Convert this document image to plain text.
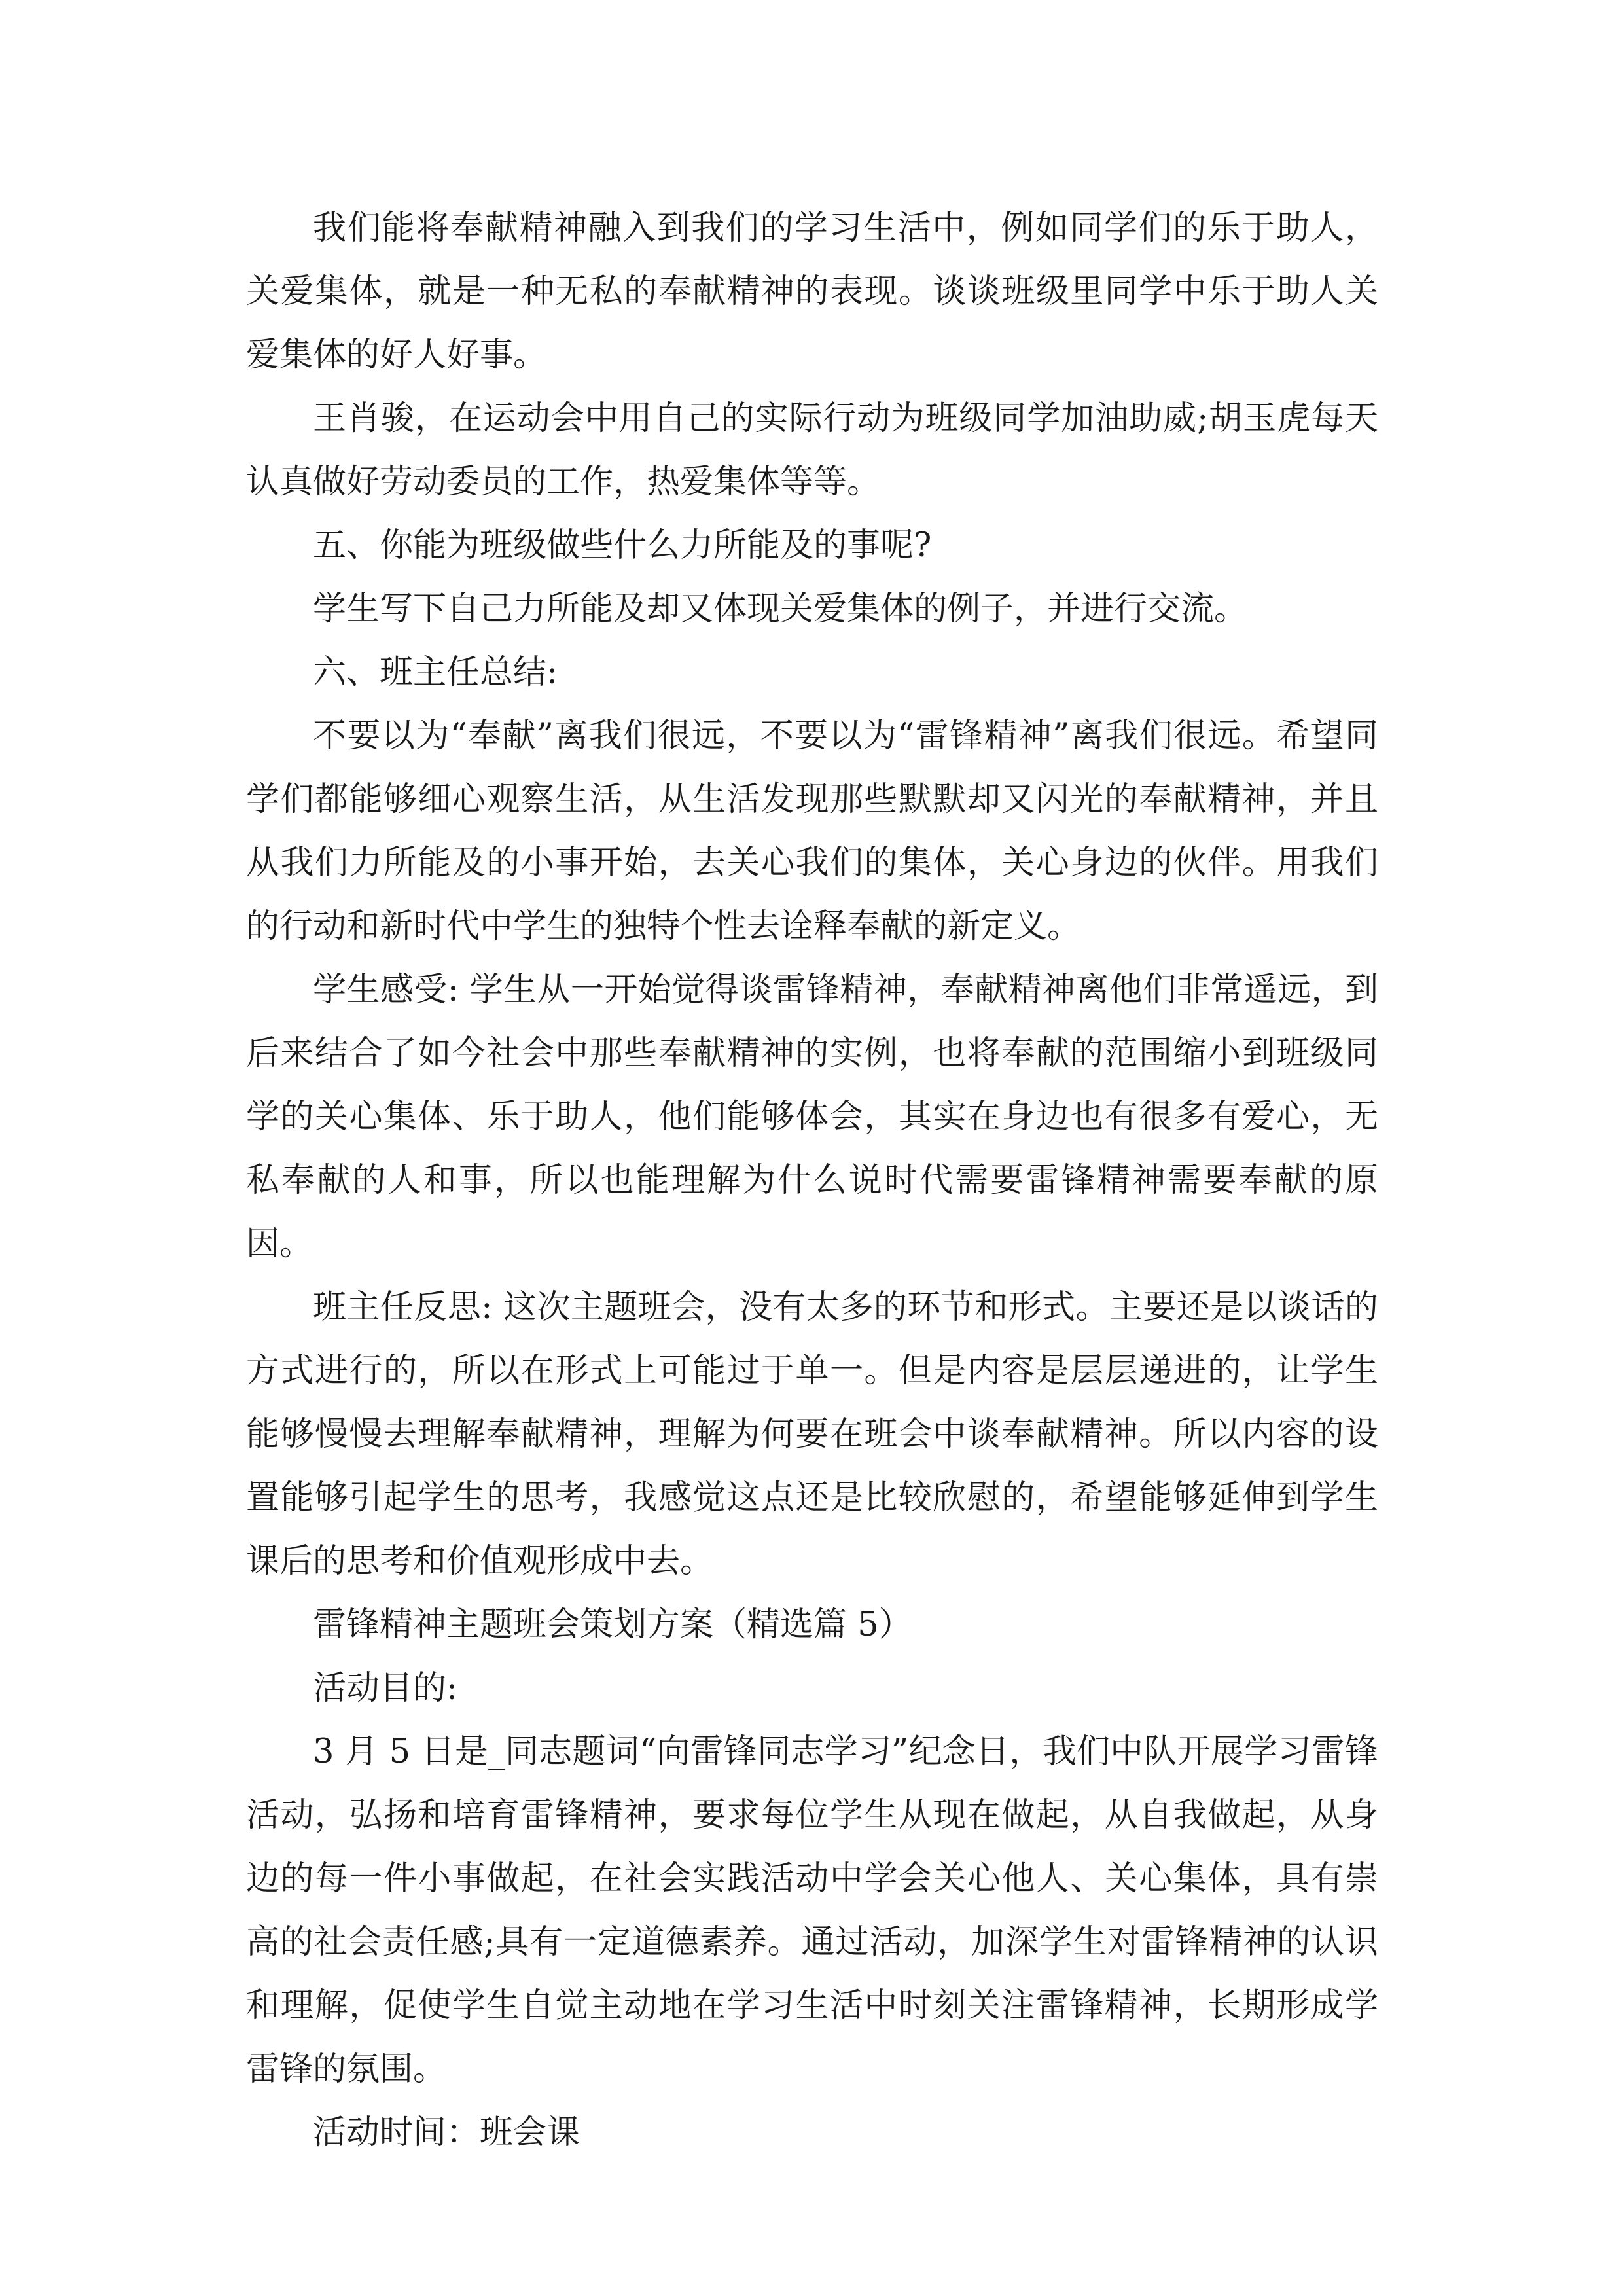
我们能将奉献精神融入到我们的学习生活中，例如同学们的乐于助人，关爱集体，就是一种无私的奉献精神的表现。谈谈班级里同学中乐于助人关爱集体的好人好事。

王肖骏，在运动会中用自己的实际行动为班级同学加油助威;胡玉虎每天认真做好劳动委员的工作，热爱集体等等。

五、你能为班级做些什么力所能及的事呢?

学生写下自己力所能及却又体现关爱集体的例子，并进行交流。

六、班主任总结:

不要以为“奉献”离我们很远，不要以为“雷锋精神”离我们很远。希望同学们都能够细心观察生活，从生活发现那些默默却又闪光的奉献精神，并且从我们力所能及的小事开始，去关心我们的集体，关心身边的伙伴。用我们的行动和新时代中学生的独特个性去诠释奉献的新定义。

学生感受: 学生从一开始觉得谈雷锋精神，奉献精神离他们非常遥远，到后来结合了如今社会中那些奉献精神的实例，也将奉献的范围缩小到班级同学的关心集体、乐于助人，他们能够体会，其实在身边也有很多有爱心，无私奉献的人和事，所以也能理解为什么说时代需要雷锋精神需要奉献的原因。

班主任反思: 这次主题班会，没有太多的环节和形式。主要还是以谈话的方式进行的，所以在形式上可能过于单一。但是内容是层层递进的，让学生能够慢慢去理解奉献精神，理解为何要在班会中谈奉献精神。所以内容的设置能够引起学生的思考，我感觉这点还是比较欣慰的，希望能够延伸到学生课后的思考和价值观形成中去。

雷锋精神主题班会策划方案（精选篇 5）

活动目的:

3 月 5 日是_同志题词“向雷锋同志学习”纪念日，我们中队开展学习雷锋活动，弘扬和培育雷锋精神，要求每位学生从现在做起，从自我做起，从身边的每一件小事做起，在社会实践活动中学会关心他人、关心集体，具有崇高的社会责任感;具有一定道德素养。通过活动，加深学生对雷锋精神的认识和理解，促使学生自觉主动地在学习生活中时刻关注雷锋精神，长期形成学雷锋的氛围。

活动时间：班会课
